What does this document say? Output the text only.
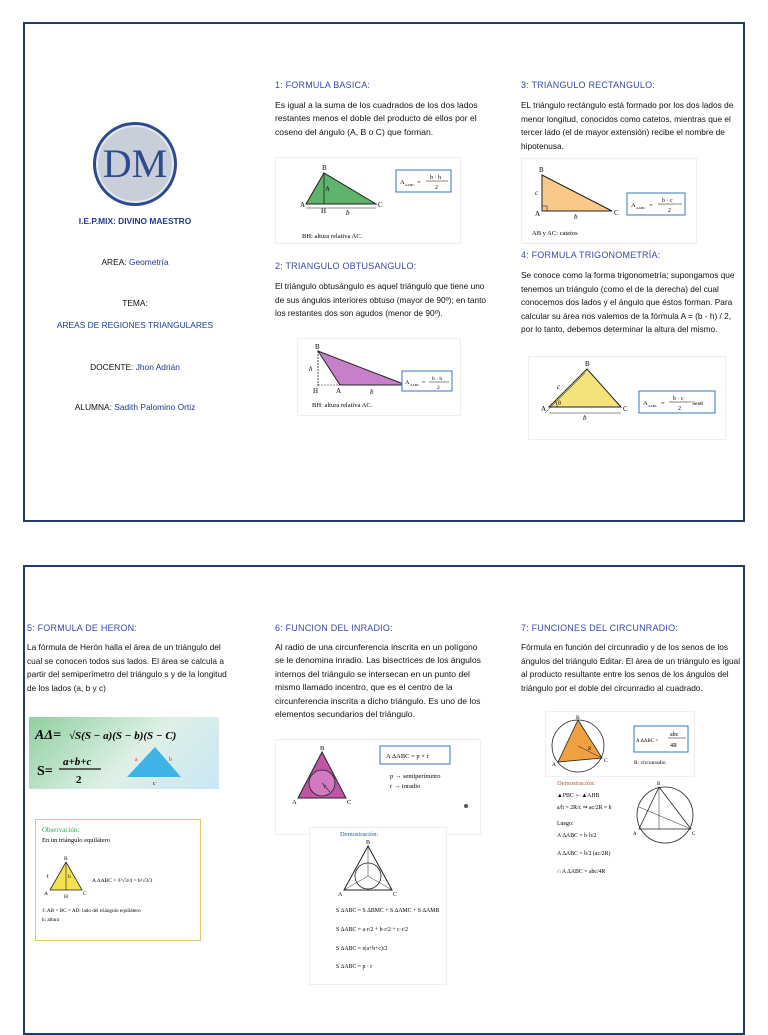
DM
I.E.P.MIX: DIVINO MAESTRO
AREA: Geometría
TEMA:
AREAS DE REGIONES TRIANGULARES
DOCENTE: Jhon Adrián
ALUMNA: Sadith Palomino Ortiz
1: FORMULA BASICA:
Es igual a la suma de los cuadrados de los dos lados restantes menos el doble del producto de ellos por el coseno del ángulo (A, B o C) que forman.
B
A	C
H
h
b
A ΔABC =
b · h
2
BH: altura relativa AC.
2: TRIANGULO OBTUSANGULO:
El triángulo obtusángulo es aquel triángulo que tiene uno de sus ángulos interiores obtuso (mayor de 90º); en tanto los restantes dos son agudos (menor de 90º).
B
A
H
h
b
A ΔABC =
b · h
2
BH: altura relativa AC.
3: TRIANGULO RECTANGULO:
EL triángulo rectángulo está formado por los dos lados de menor longitud, conocidos como catetos, mientras que el tercer lado (el de mayor extensión) recibe el nombre de hipotenusa.
B
A	C
c
b
A ΔABC =
b · c
2
AB y AC: catetos
4: FORMULA TRIGONOMETRÍA:
Se conoce como la forma trigonometría; supongamos que tenemos un triángulo (como el de la derecha) del cual conocemos dos lados y el ángulo que éstos forman. Para calcular su área nos valemos de la fórmula A = (b - h) / 2, por lo tanto, debemos determinar la altura del mismo.
B
A	C
θ
c
b
A ΔABC =
b · c
2
Senθ
5: FORMULA DE HERON:
La fórmula de Herón halla el área de un triángulo del cual se conocen todos sus lados. El área se calcula a partir del semiperímetro del triángulo s y de la longitud de los lados (a, b y c)
AΔ= √S(S − a)(S − b)(S − C)
S=
a+b+c
2
a	b
c
Observación:
En un triángulo equilátero
B
A	C
H
ℓ	h
A ΔABC = ℓ²√3/4 = h²√3/3
ℓ: AB = BC = AD: lado del triángulo equilátero
h: altura
6: FUNCION DEL INRADIO:
Al radio de una circunferencia inscrita en un polígono se le denomina inradio. Las bisectrices de los ángulos internos del triángulo se intersecan en un punto del mismo llamado incentro, que es el centro de la circunferencia inscrita a dicho triángulo. Es uno de los elementos secundarios del triángulo.
B
A	C
r
A ΔABC = p × r
p → semiperímetro
r → inradio
Demostración:
B
A	C
S ΔABC = S ΔBMC + S ΔAMC + S ΔAMB
S ΔABC = a·r/2 + b·r/2 + c·r/2
S ΔABC = r(a+b+c)/2
S ΔABC = p · r
7: FUNCIONES DEL CIRCUNRADIO:
Fórmula en función del circunradio y de los senos de los ángulos del triángulo Editar. El área de un triángulo es igual al producto resultante entre los senos de los ángulos del triángulo por el doble del circunradio al cuadrado.
B
A
C
R
A ΔABC =
abc
4R
R: circunradio
Demostración:
▲PBC ∼ ▲AHB
a/h = 2R/c ⇒ ac/2R = h
Luego:
A ΔABC = b·h/2
A ΔABC = b/2 (ac/2R)
∴ A ΔABC = abc/4R
B
A	C
